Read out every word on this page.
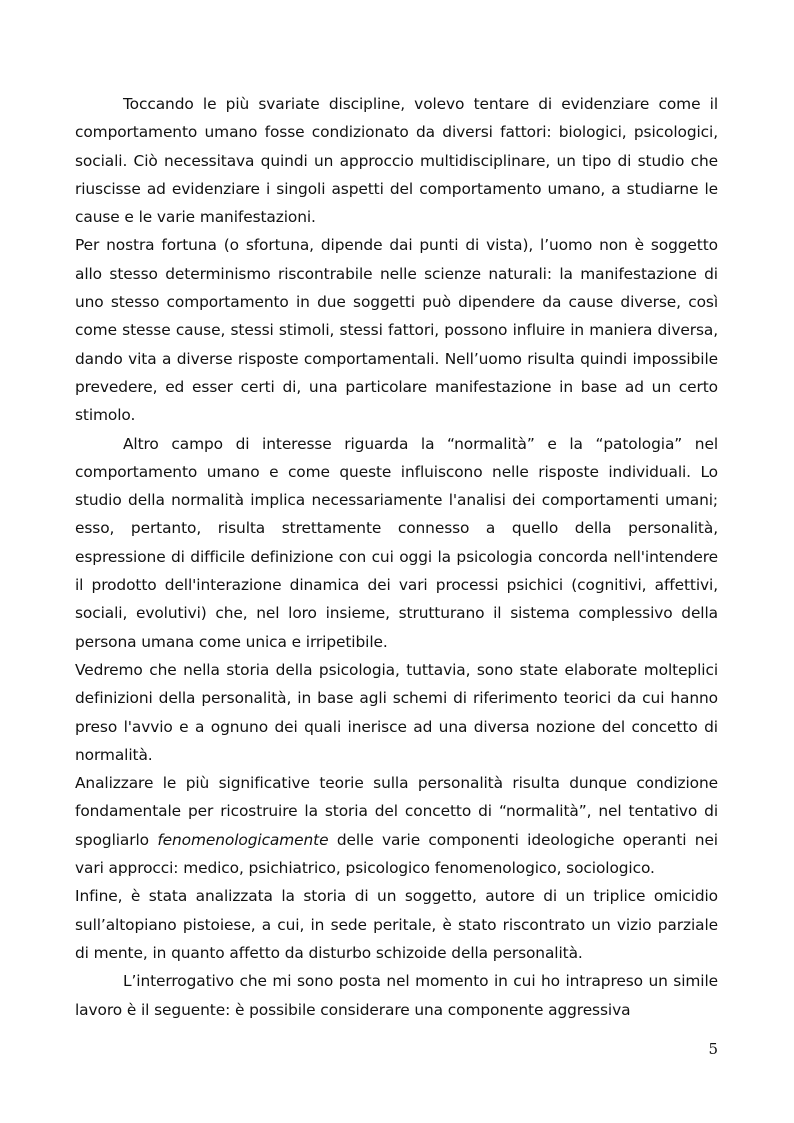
Toccando le più svariate discipline, volevo tentare di evidenziare come il comportamento umano fosse condizionato da diversi fattori: biologici, psicologici, sociali. Ciò necessitava quindi un approccio multidisciplinare, un tipo di studio che riuscisse ad evidenziare i singoli aspetti del comportamento umano, a studiarne le cause e le varie manifestazioni.

Per nostra fortuna (o sfortuna, dipende dai punti di vista), l’uomo non è soggetto allo stesso determinismo riscontrabile nelle scienze naturali: la manifestazione di uno stesso comportamento in due soggetti può dipendere da cause diverse, così come stesse cause, stessi stimoli, stessi fattori, possono influire in maniera diversa, dando vita a diverse risposte comportamentali. Nell’uomo risulta quindi impossibile prevedere, ed esser certi di, una particolare manifestazione in base ad un certo stimolo.

Altro campo di interesse riguarda la “normalità” e la “patologia” nel comportamento umano e come queste influiscono nelle risposte individuali. Lo studio della normalità implica necessariamente l'analisi dei comportamenti umani; esso, pertanto, risulta strettamente connesso a quello della personalità, espressione di difficile definizione con cui oggi la psicologia concorda nell'intendere il prodotto dell'interazione dinamica dei vari processi psichici (cognitivi, affettivi, sociali, evolutivi) che, nel loro insieme, strutturano il sistema complessivo della persona umana come unica e irripetibile.

Vedremo che nella storia della psicologia, tuttavia, sono state elaborate molteplici definizioni della personalità, in base agli schemi di riferimento teorici da cui hanno preso l'avvio e a ognuno dei quali inerisce ad una diversa nozione del concetto di normalità.

Analizzare le più significative teorie sulla personalità risulta dunque condizione fondamentale per ricostruire la storia del concetto di “normalità”, nel tentativo di spogliarlo fenomenologicamente delle varie componenti ideologiche operanti nei vari approcci: medico, psichiatrico, psicologico fenomenologico, sociologico.

Infine, è stata analizzata la storia di un soggetto, autore di un triplice omicidio sull’altopiano pistoiese, a cui, in sede peritale, è stato riscontrato un vizio parziale di mente, in quanto affetto da disturbo schizoide della personalità.

L’interrogativo che mi sono posta nel momento in cui ho intrapreso un simile lavoro è il seguente: è possibile considerare una componente aggressiva

5
